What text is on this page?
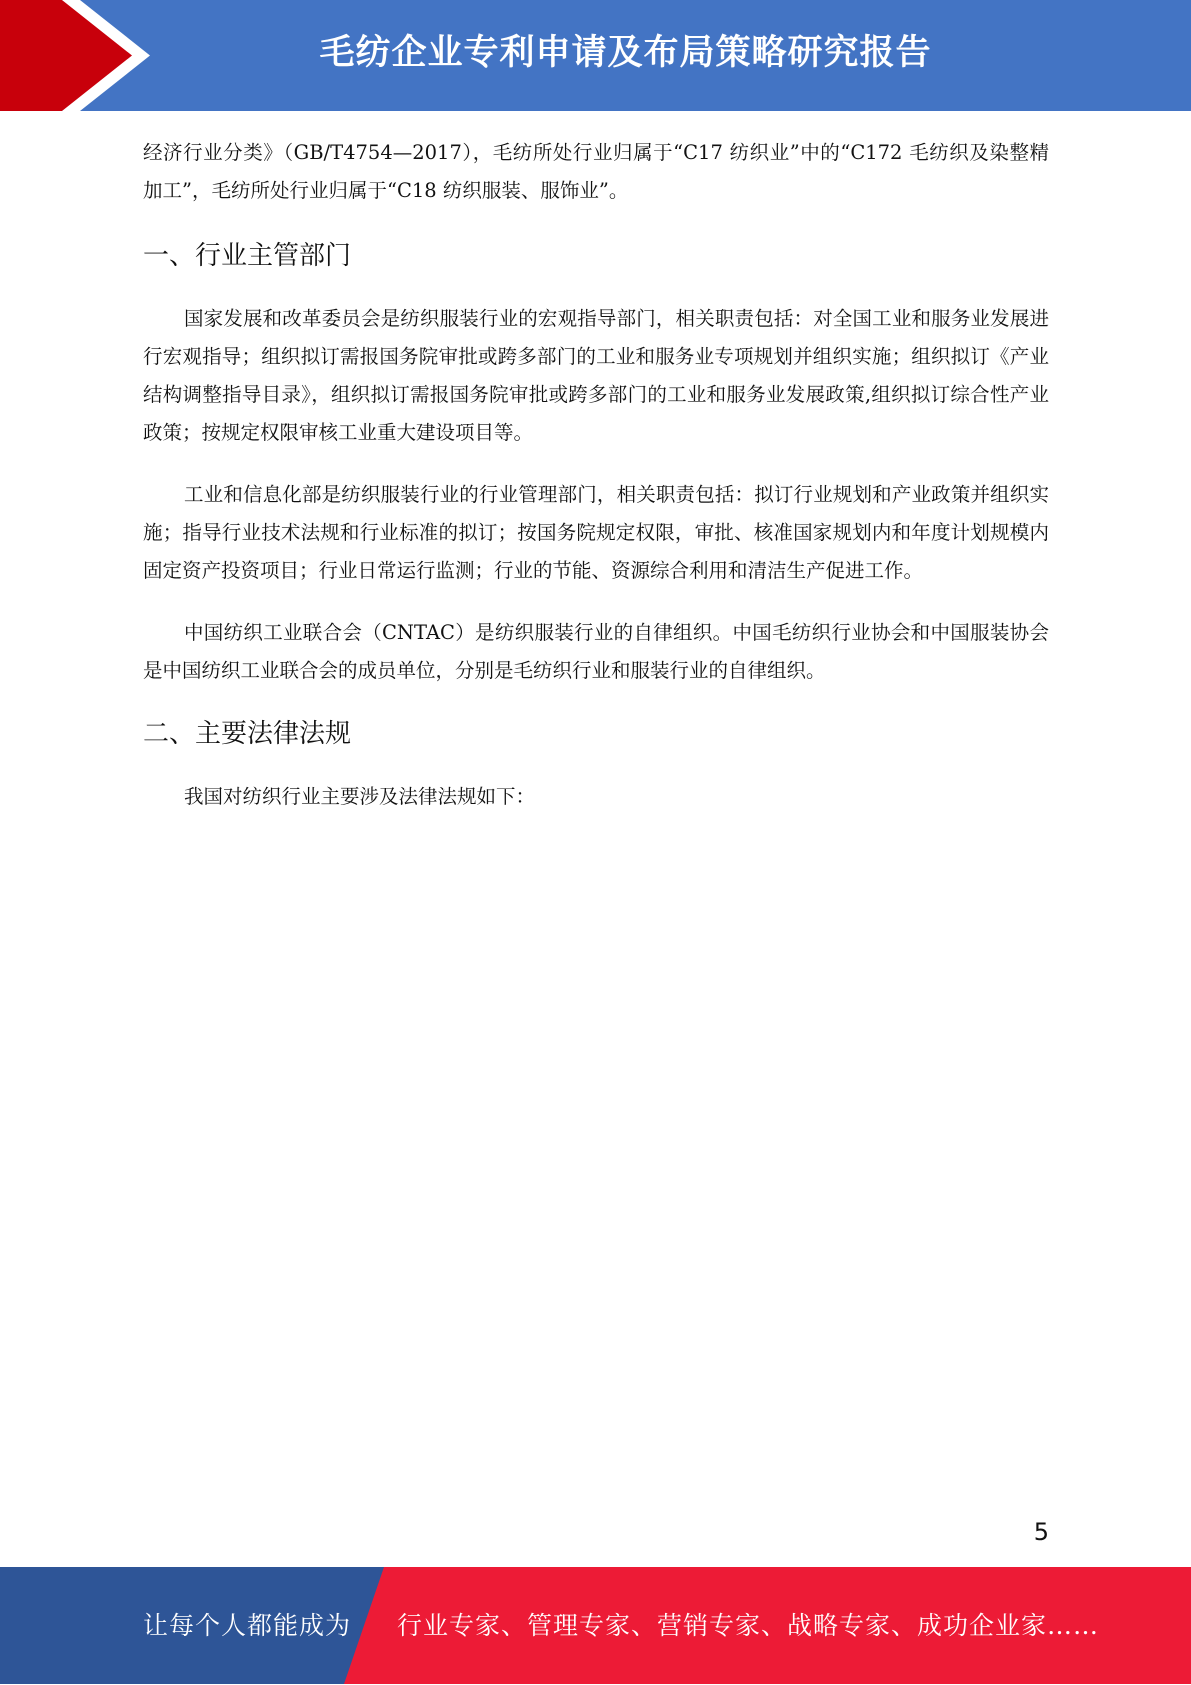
毛纺企业专利申请及布局策略研究报告

经济行业分类》（GB/T4754—2017），毛纺所处行业归属于“C17 纺织业”中的“C172 毛纺织及染整精加工”，毛纺所处行业归属于“C18 纺织服装、服饰业”。

一、行业主管部门

国家发展和改革委员会是纺织服装行业的宏观指导部门，相关职责包括：对全国工业和服务业发展进行宏观指导；组织拟订需报国务院审批或跨多部门的工业和服务业专项规划并组织实施；组织拟订《产业结构调整指导目录》，组织拟订需报国务院审批或跨多部门的工业和服务业发展政策,组织拟订综合性产业政策；按规定权限审核工业重大建设项目等。

工业和信息化部是纺织服装行业的行业管理部门，相关职责包括：拟订行业规划和产业政策并组织实施；指导行业技术法规和行业标准的拟订；按国务院规定权限，审批、核准国家规划内和年度计划规模内固定资产投资项目；行业日常运行监测；行业的节能、资源综合利用和清洁生产促进工作。

中国纺织工业联合会（CNTAC）是纺织服装行业的自律组织。中国毛纺织行业协会和中国服装协会是中国纺织工业联合会的成员单位，分别是毛纺织行业和服装行业的自律组织。

二、主要法律法规

我国对纺织行业主要涉及法律法规如下：

5
让每个人都能成为 行业专家、管理专家、营销专家、战略专家、成功企业家……
